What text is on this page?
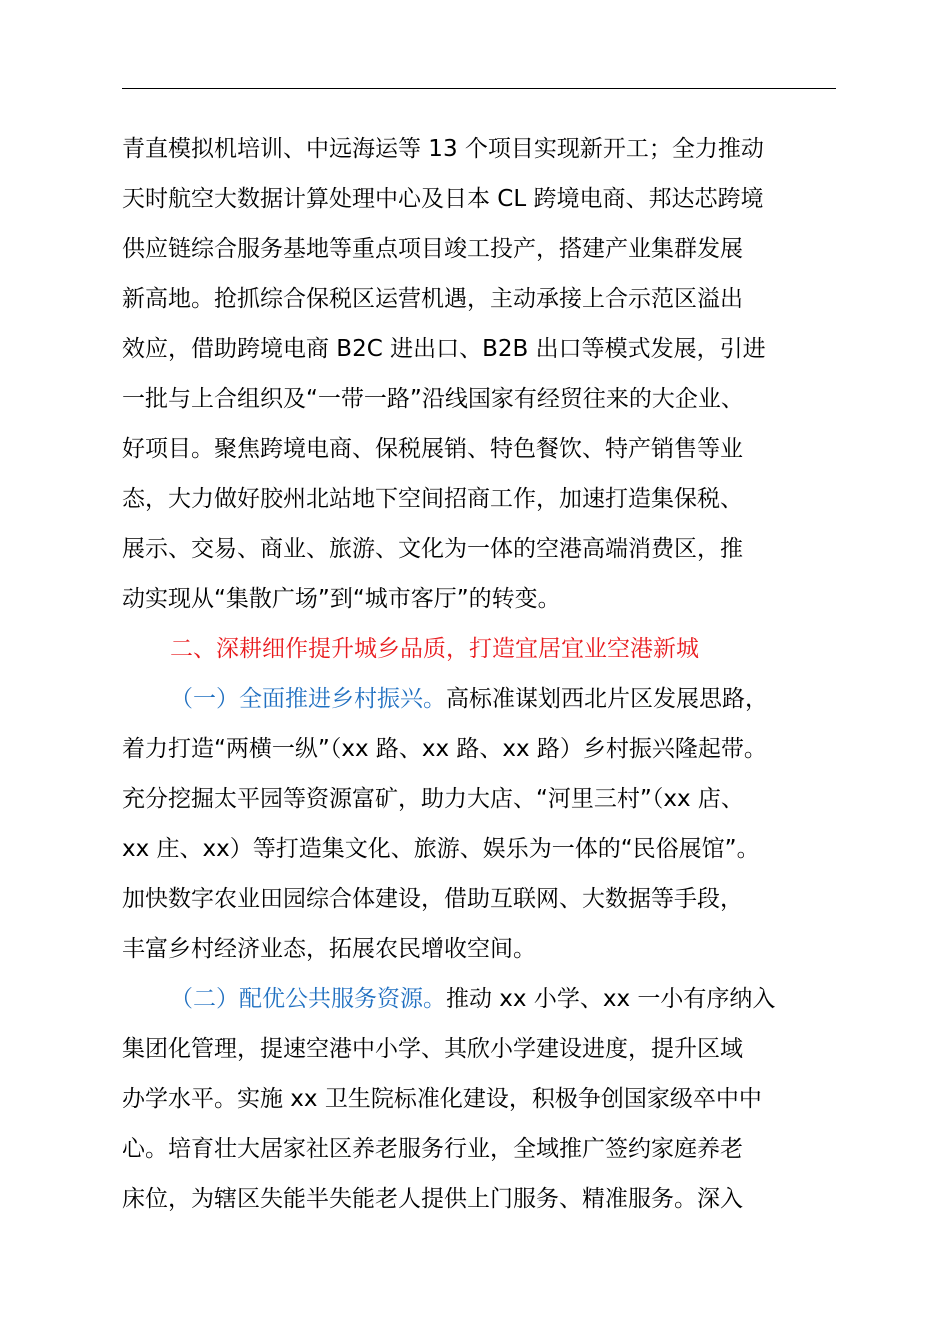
青直模拟机培训、中远海运等 13 个项目实现新开工；全力推动
天时航空大数据计算处理中心及日本 CL 跨境电商、邦达芯跨境
供应链综合服务基地等重点项目竣工投产，搭建产业集群发展
新高地。抢抓综合保税区运营机遇，主动承接上合示范区溢出
效应，借助跨境电商 B2C 进出口、B2B 出口等模式发展，引进
一批与上合组织及“一带一路”沿线国家有经贸往来的大企业、
好项目。聚焦跨境电商、保税展销、特色餐饮、特产销售等业
态，大力做好胶州北站地下空间招商工作，加速打造集保税、
展示、交易、商业、旅游、文化为一体的空港高端消费区，推
动实现从“集散广场”到“城市客厅”的转变。
二、深耕细作提升城乡品质，打造宜居宜业空港新城
（一）全面推进乡村振兴。高标准谋划西北片区发展思路，
着力打造“两横一纵”（xx 路、xx 路、xx 路）乡村振兴隆起带。
充分挖掘太平园等资源富矿，助力大店、“河里三村”（xx 店、
xx 庄、xx）等打造集文化、旅游、娱乐为一体的“民俗展馆”。
加快数字农业田园综合体建设，借助互联网、大数据等手段，
丰富乡村经济业态，拓展农民增收空间。
（二）配优公共服务资源。推动 xx 小学、xx 一小有序纳入
集团化管理，提速空港中小学、其欣小学建设进度，提升区域
办学水平。实施 xx 卫生院标准化建设，积极争创国家级卒中中
心。培育壮大居家社区养老服务行业，全域推广签约家庭养老
床位，为辖区失能半失能老人提供上门服务、精准服务。深入
